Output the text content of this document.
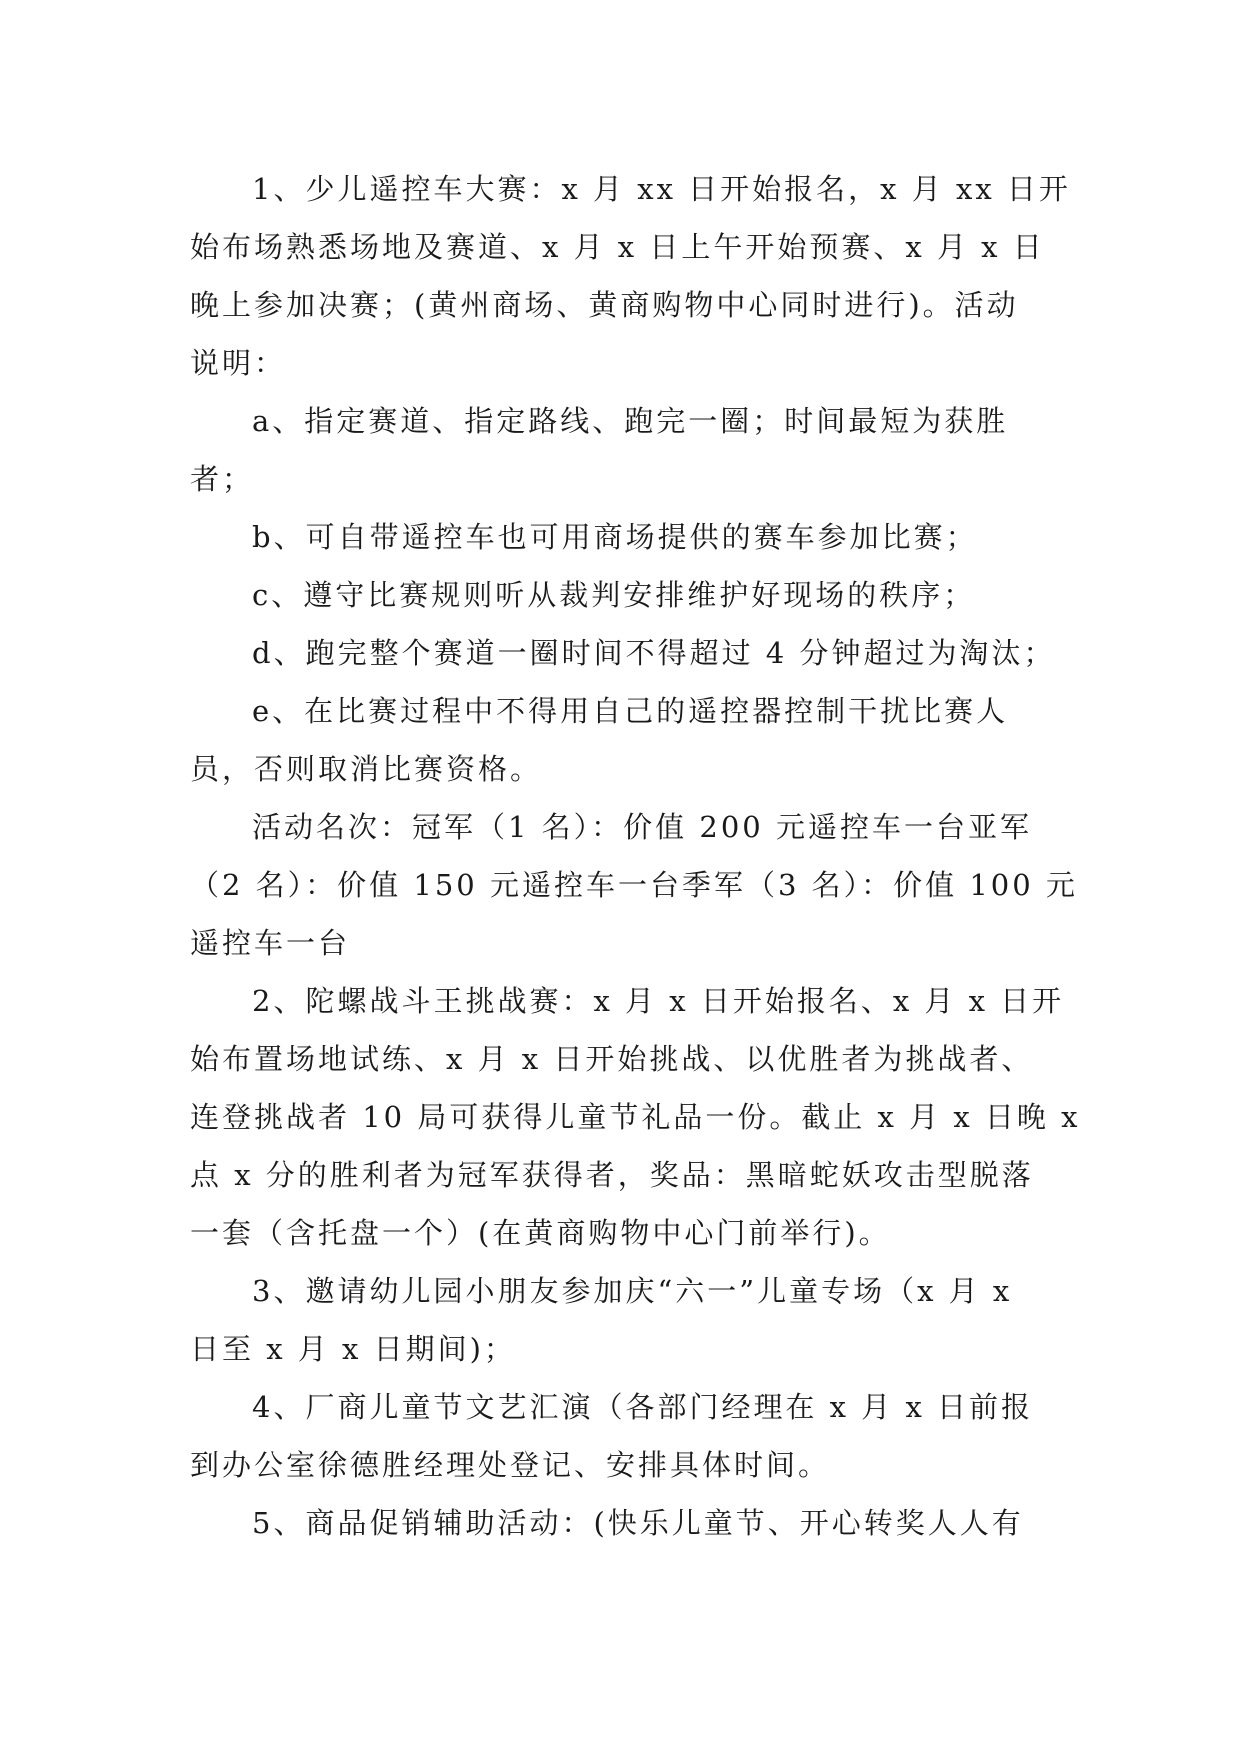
1、少儿遥控车大赛：x 月 xx 日开始报名，x 月 xx 日开
始布场熟悉场地及赛道、x 月 x 日上午开始预赛、x 月 x 日
晚上参加决赛；(黄州商场、黄商购物中心同时进行)。活动
说明：
a、指定赛道、指定路线、跑完一圈；时间最短为获胜
者；
b、可自带遥控车也可用商场提供的赛车参加比赛；
c、遵守比赛规则听从裁判安排维护好现场的秩序；
d、跑完整个赛道一圈时间不得超过 4 分钟超过为淘汰；
e、在比赛过程中不得用自己的遥控器控制干扰比赛人
员，否则取消比赛资格。
活动名次：冠军（1 名）：价值 200 元遥控车一台亚军
（2 名）：价值 150 元遥控车一台季军（3 名）：价值 100 元
遥控车一台
2、陀螺战斗王挑战赛：x 月 x 日开始报名、x 月 x 日开
始布置场地试练、x 月 x 日开始挑战、以优胜者为挑战者、
连登挑战者 10 局可获得儿童节礼品一份。截止 x 月 x 日晚 x
点 x 分的胜利者为冠军获得者，奖品：黑暗蛇妖攻击型脱落
一套（含托盘一个）(在黄商购物中心门前举行)。
3、邀请幼儿园小朋友参加庆“六一”儿童专场（x 月 x
日至 x 月 x 日期间)；
4、厂商儿童节文艺汇演（各部门经理在 x 月 x 日前报
到办公室徐德胜经理处登记、安排具体时间。
5、商品促销辅助活动：(快乐儿童节、开心转奖人人有
